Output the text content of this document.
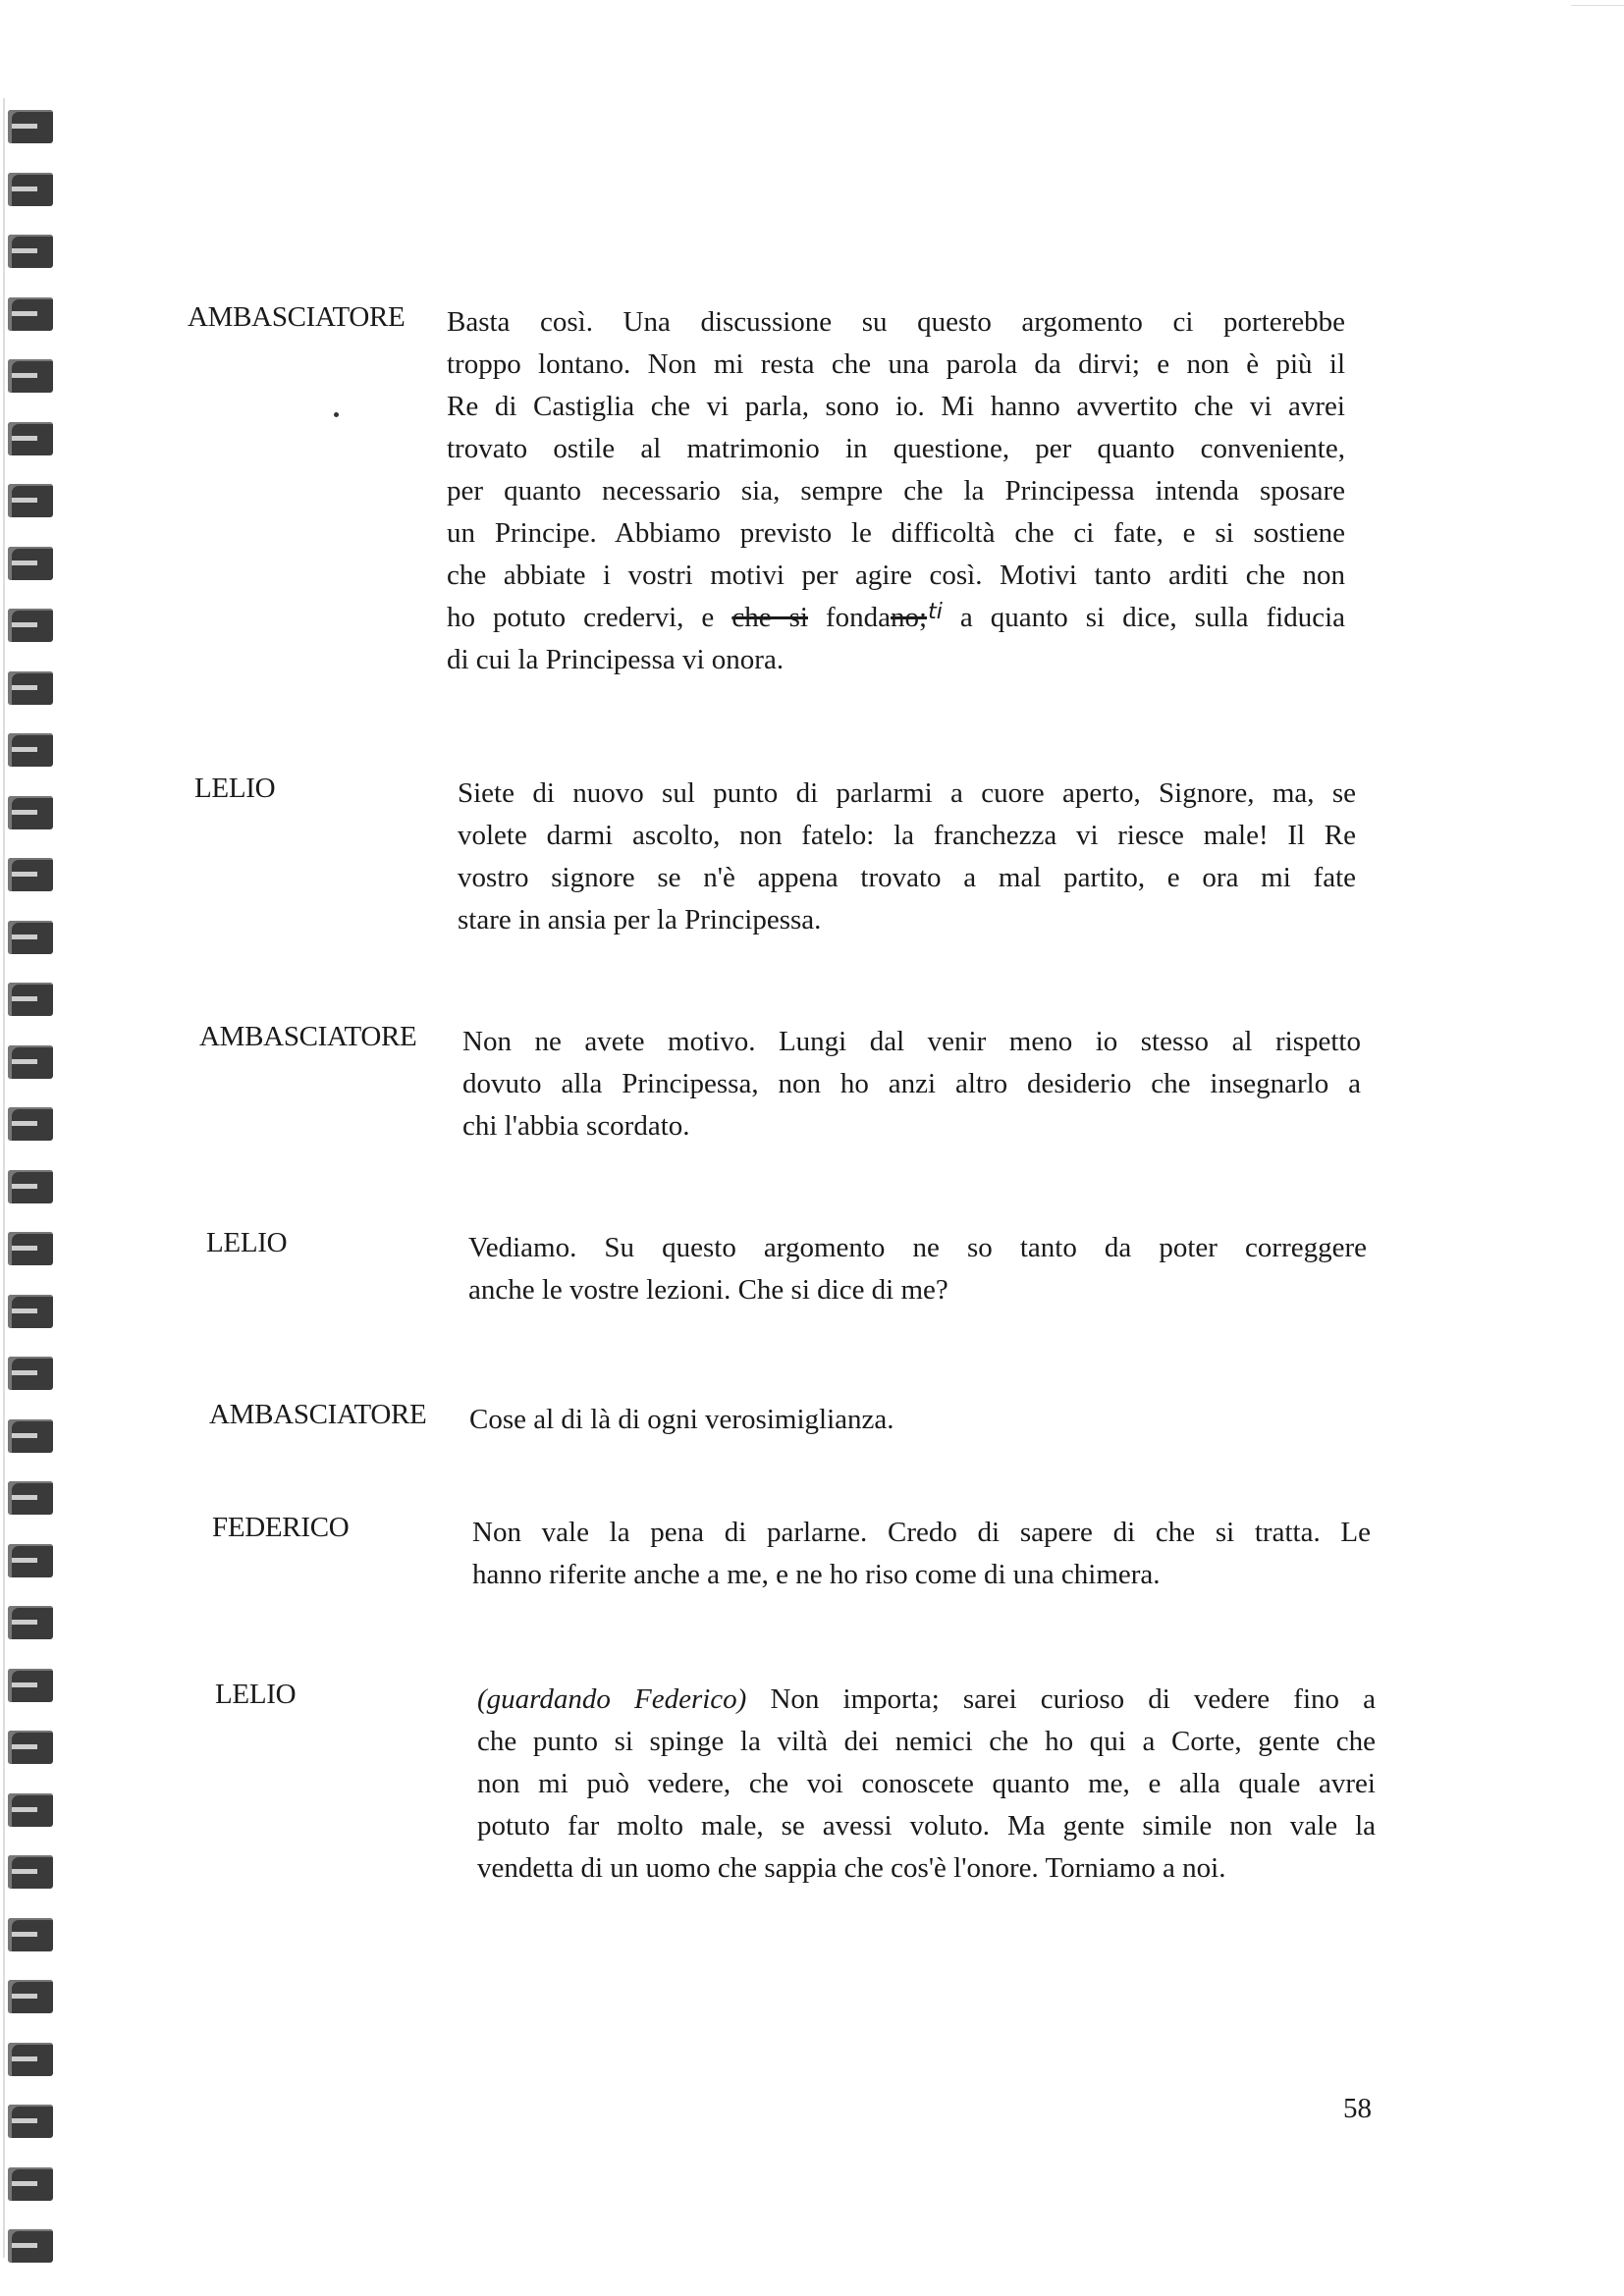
AMBASCIATORE Basta così. Una discussione su questo argomento ci porterebbe
troppo lontano. Non mi resta che una parola da dirvi; e non è più il
Re di Castiglia che vi parla, sono io. Mi hanno avvertito che vi avrei
trovato ostile al matrimonio in questione, per quanto conveniente,
per quanto necessario sia, sempre che la Principessa intenda sposare
un Principe. Abbiamo previsto le difficoltà che ci fate, e si sostiene
che abbiate i vostri motivi per agire così. Motivi tanto arditi che non
ho potuto credervi, e che si fondano;ti a quanto si dice, sulla fiducia
di cui la Principessa vi onora.
LELIO	Siete di nuovo sul punto di parlarmi a cuore aperto, Signore, ma, se
volete darmi ascolto, non fatelo: la franchezza vi riesce male! Il Re
vostro signore se n'è appena trovato a mal partito, e ora mi fate
stare in ansia per la Principessa.
AMBASCIATORE Non ne avete motivo. Lungi dal venir meno io stesso al rispetto
dovuto alla Principessa, non ho anzi altro desiderio che insegnarlo a
chi l'abbia scordato.
LELIO	Vediamo. Su questo argomento ne so tanto da poter correggere
anche le vostre lezioni. Che si dice di me?
AMBASCIATORE Cose al di là di ogni verosimiglianza.
FEDERICO	Non vale la pena di parlarne. Credo di sapere di che si tratta. Le
hanno riferite anche a me, e ne ho riso come di una chimera.
LELIO	(guardando Federico) Non importa; sarei curioso di vedere fino a
che punto si spinge la viltà dei nemici che ho qui a Corte, gente che
non mi può vedere, che voi conoscete quanto me, e alla quale avrei
potuto far molto male, se avessi voluto. Ma gente simile non vale la
vendetta di un uomo che sappia che cos'è l'onore. Torniamo a noi.
58
